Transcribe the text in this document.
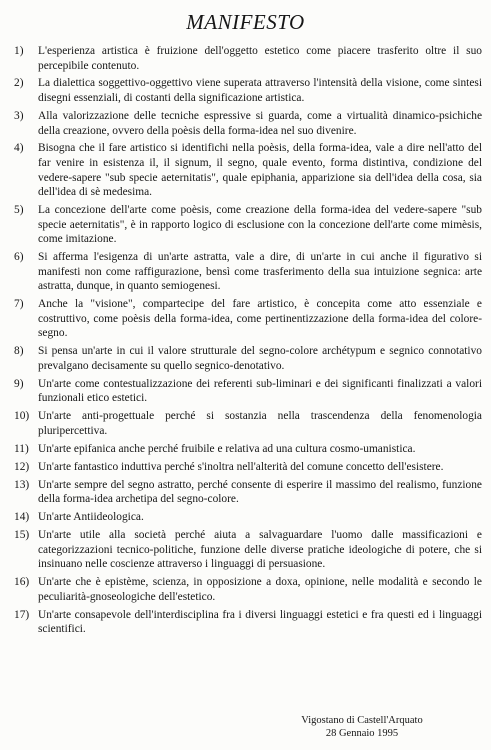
MANIFESTO
1) L'esperienza artistica è fruizione dell'oggetto estetico come piacere trasferito oltre il suo percepibile contenuto.
2) La dialettica soggettivo-oggettivo viene superata attraverso l'intensità della visione, come sintesi disegni essenziali, di costanti della significazione artistica.
3) Alla valorizzazione delle tecniche espressive si guarda, come a virtualità dinamico-psichiche della creazione, ovvero della poèsis della forma-idea nel suo divenire.
4) Bisogna che il fare artistico si identifichi nella poèsis, della forma-idea, vale a dire nell'atto del far venire in esistenza il, il signum, il segno, quale evento, forma distintiva, condizione del vedere-sapere "sub specie aeternitatis", quale epiphania, apparizione sia dell'idea della cosa, sia dell'idea di sè medesima.
5) La concezione dell'arte come poèsis, come creazione della forma-idea del vedere-sapere "sub specie aeternitatis", è in rapporto logico di esclusione con la concezione dell'arte come mimèsis, come imitazione.
6) Si afferma l'esigenza di un'arte astratta, vale a dire, di un'arte in cui anche il figurativo si manifesti non come raffigurazione, bensì come trasferimento della sua intuizione segnica: arte astratta, dunque, in quanto semiogenesi.
7) Anche la "visione", compartecipe del fare artistico, è concepita come atto essenziale e costruttivo, come poèsis della forma-idea, come pertinentizzazione della forma-idea del colore-segno.
8) Si pensa un'arte in cui il valore strutturale del segno-colore archétypum e segnico connotativo prevalgano decisamente su quello segnico-denotativo.
9) Un'arte come contestualizzazione dei referenti sub-liminari e dei significanti finalizzati a valori funzionali etico estetici.
10) Un'arte anti-progettuale perché si sostanzia nella trascendenza della fenomenologia pluripercettiva.
11) Un'arte epifanica anche perché fruibile e relativa ad una cultura cosmo-umanistica.
12) Un'arte fantastico induttiva perché s'inoltra nell'alterità del comune concetto dell'esistere.
13) Un'arte sempre del segno astratto, perché consente di esperire il massimo del realismo, funzione della forma-idea archetipa del segno-colore.
14) Un'arte Antiideologica.
15) Un'arte utile alla società perché aiuta a salvaguardare l'uomo dalle massificazioni e categorizzazioni tecnico-politiche, funzione delle diverse pratiche ideologiche di potere, che si insinuano nelle coscienze attraverso i linguaggi di persuasione.
16) Un'arte che è epistème, scienza, in opposizione a doxa, opinione, nelle modalità e secondo le peculiarità-gnoseologiche dell'estetico.
17) Un'arte consapevole dell'interdisciplina fra i diversi linguaggi estetici e fra questi ed i linguaggi scientifici.
Vigostano di Castell'Arquato
28 Gennaio 1995
